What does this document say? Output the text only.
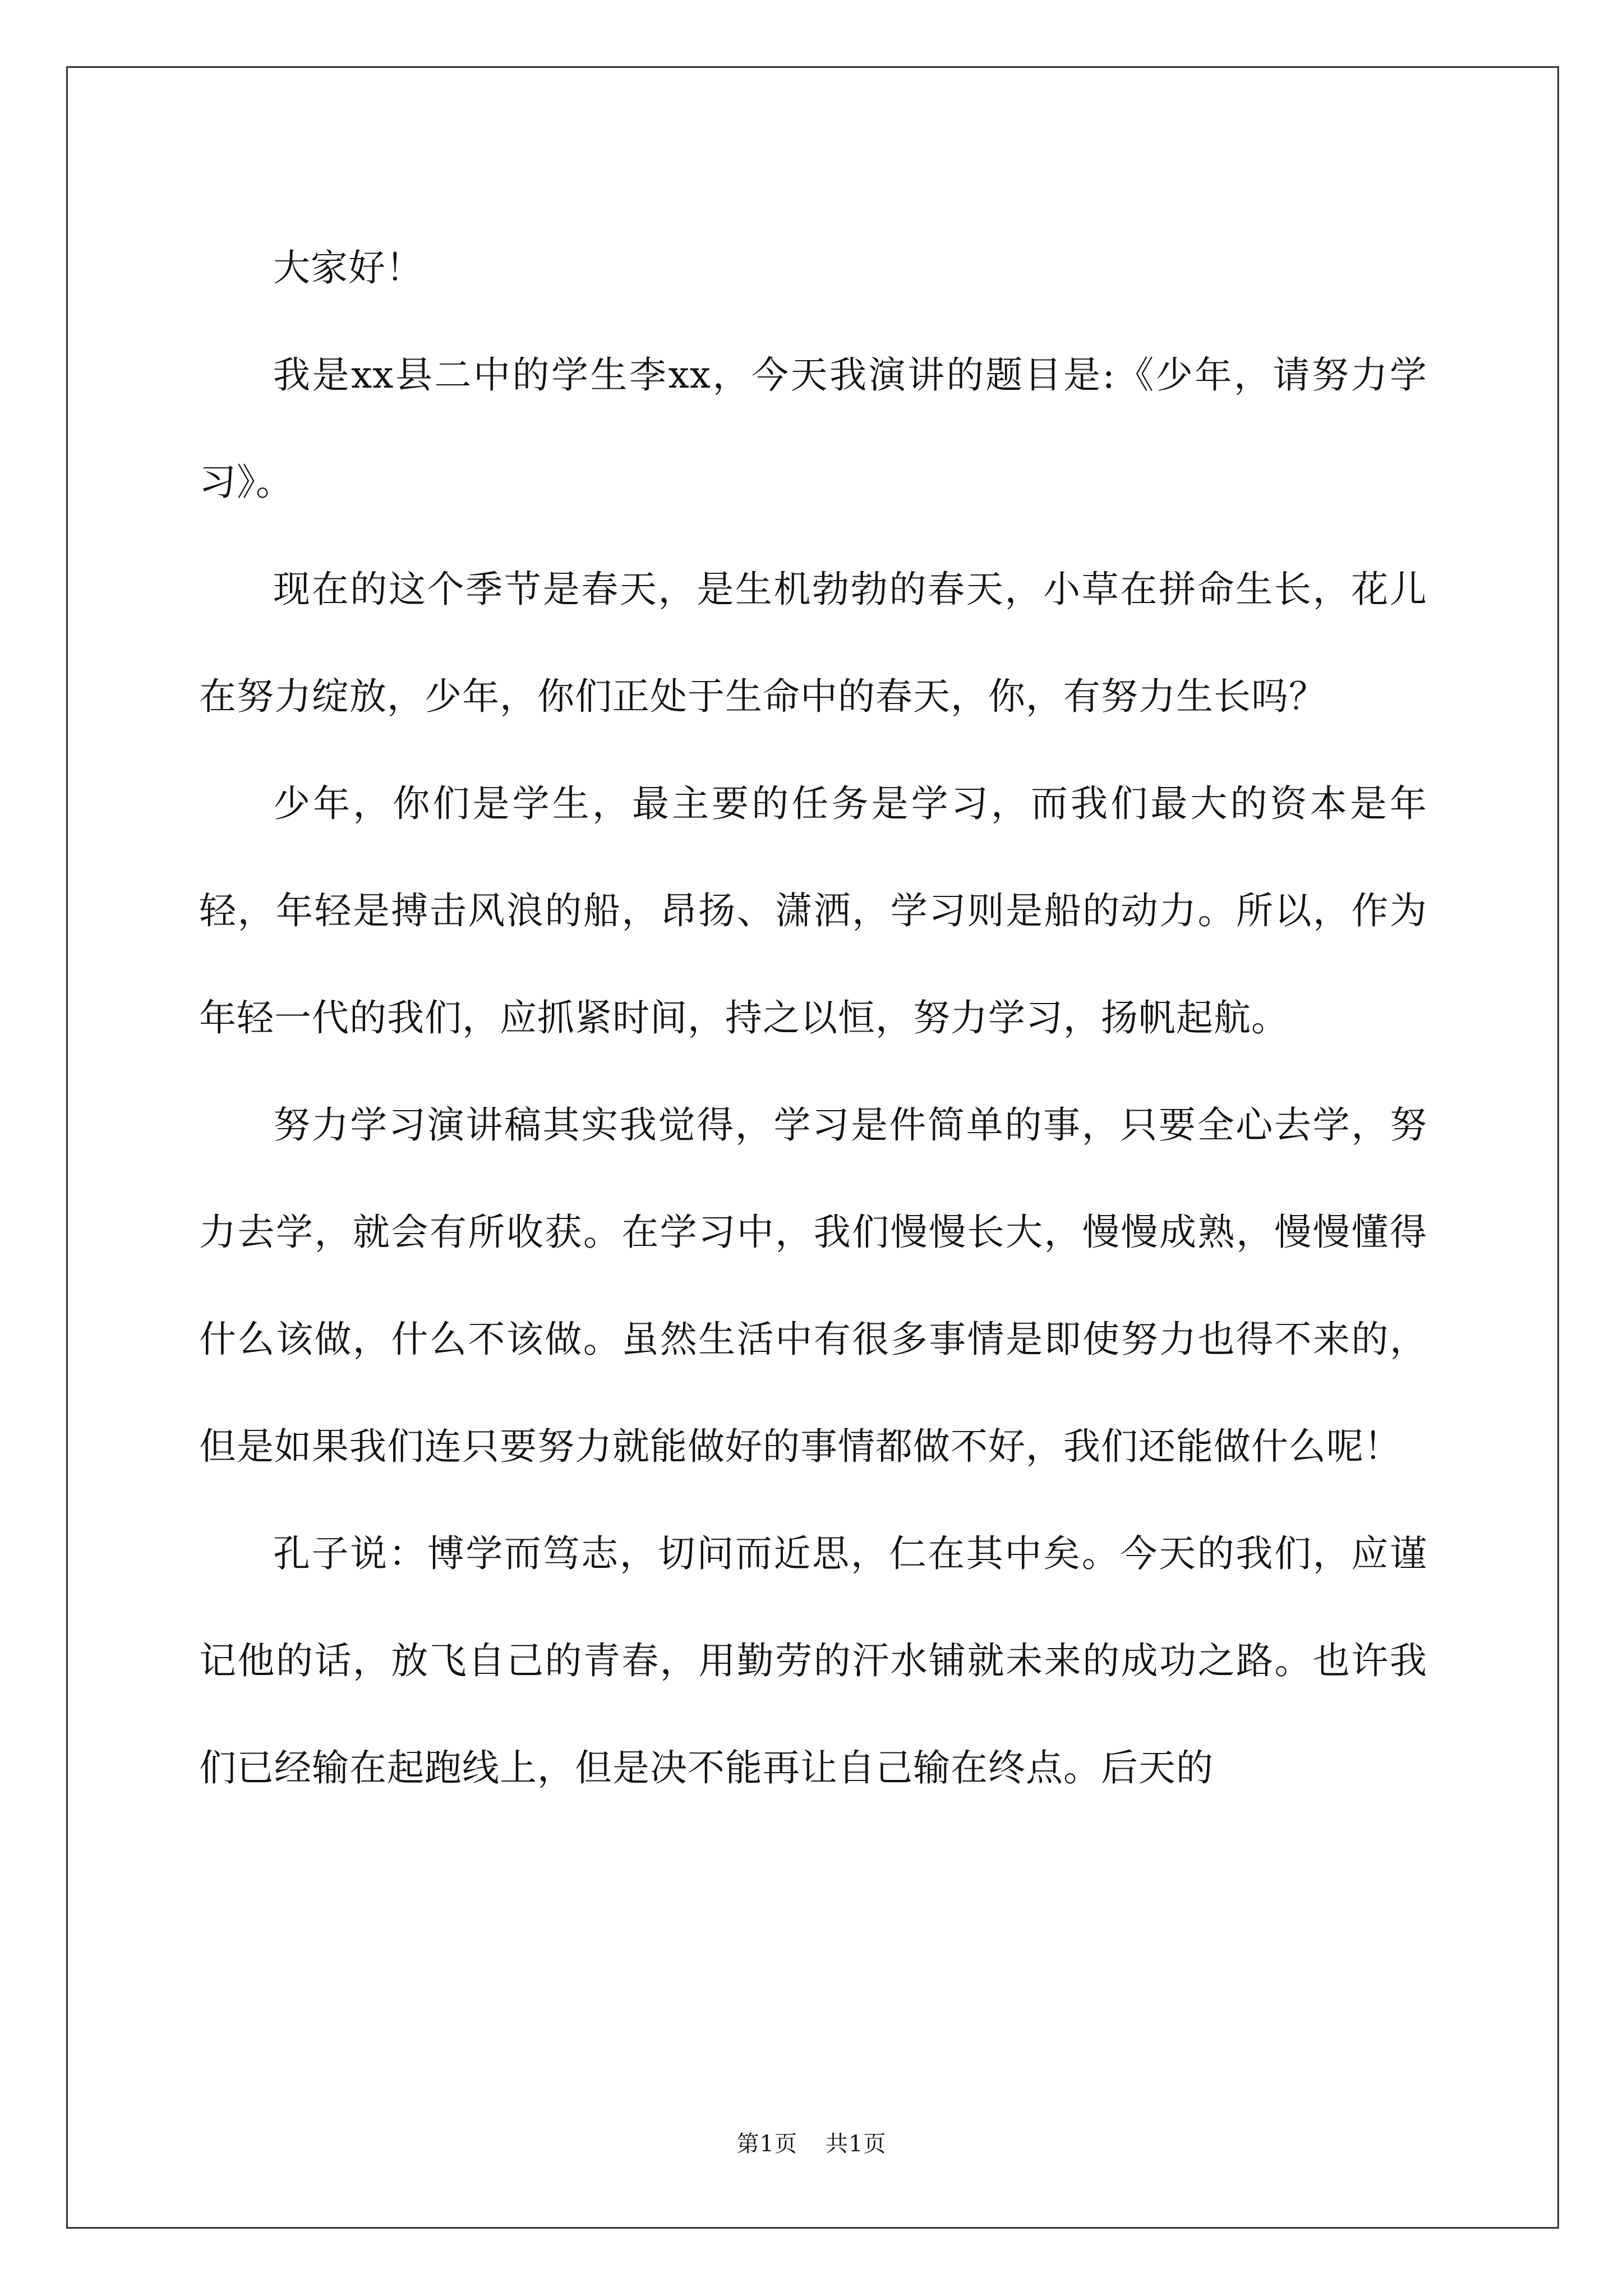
大家好！

我是xx县二中的学生李xx，今天我演讲的题目是:《少年，请努力学习》。

现在的这个季节是春天，是生机勃勃的春天，小草在拼命生长，花儿在努力绽放，少年，你们正处于生命中的春天，你，有努力生长吗？

少年，你们是学生，最主要的任务是学习，而我们最大的资本是年轻，年轻是搏击风浪的船，昂扬、潇洒，学习则是船的动力。所以，作为年轻一代的我们，应抓紧时间，持之以恒，努力学习，扬帆起航。

努力学习演讲稿其实我觉得，学习是件简单的事，只要全心去学，努力去学，就会有所收获。在学习中，我们慢慢长大，慢慢成熟，慢慢懂得什么该做，什么不该做。虽然生活中有很多事情是即使努力也得不来的，但是如果我们连只要努力就能做好的事情都做不好，我们还能做什么呢！

孔子说：博学而笃志，切问而近思，仁在其中矣。今天的我们，应谨记他的话，放飞自己的青春，用勤劳的汗水铺就未来的成功之路。也许我们已经输在起跑线上，但是决不能再让自己输在终点。后天的

第1页 共1页
